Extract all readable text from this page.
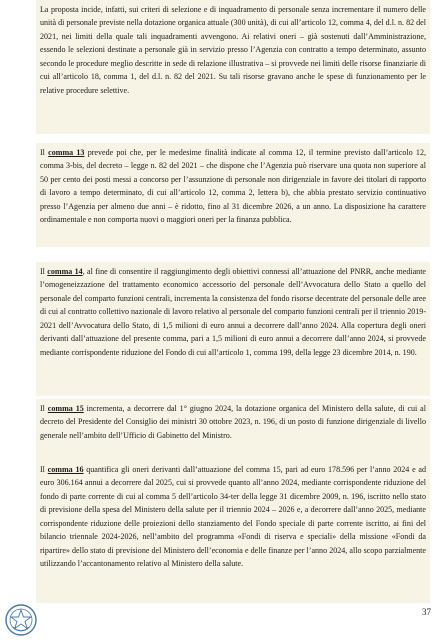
La proposta incide, infatti, sui criteri di selezione e di inquadramento di personale senza incrementare il numero delle unità di personale previste nella dotazione organica attuale (300 unità), di cui all’articolo 12, comma 4, del d.l. n. 82 del 2021, nei limiti della quale tali inquadramenti avvengono. Ai relativi oneri – già sostenuti dall’Amministrazione, essendo le selezioni destinate a personale già in servizio presso l’Agenzia con contratto a tempo determinato, assunto secondo le procedure meglio descritte in sede di relazione illustrativa – si provvede nei limiti delle risorse finanziarie di cui all’articolo 18, comma 1, del d.l. n. 82 del 2021. Su tali risorse gravano anche le spese di funzionamento per le relative procedure selettive.

Il comma 13 prevede poi che, per le medesime finalità indicate al comma 12, il termine previsto dall’articolo 12, comma 3-bis, del decreto – legge n. 82 del 2021 – che dispone che l’Agenzia può riservare una quota non superiore al 50 per cento dei posti messi a concorso per l’assunzione di personale non dirigenziale in favore dei titolari di rapporto di lavoro a tempo determinato, di cui all’articolo 12, comma 2, lettera b), che abbia prestato servizio continuativo presso l’Agenzia per almeno due anni – è ridotto, fino al 31 dicembre 2026, a un anno. La disposizione ha carattere ordinamentale e non comporta nuovi o maggiori oneri per la finanza pubblica.

Il comma 14, al fine di consentire il raggiungimento degli obiettivi connessi all’attuazione del PNRR, anche mediante l’omogeneizzazione del trattamento economico accessorio del personale dell’Avvocatura dello Stato a quello del personale del comparto funzioni centrali, incrementa la consistenza del fondo risorse decentrate del personale delle aree di cui al contratto collettivo nazionale di lavoro relativo al personale del comparto funzioni centrali per il triennio 2019-2021 dell’Avvocatura dello Stato, di 1,5 milioni di euro annui a decorrere dall’anno 2024. Alla copertura degli oneri derivanti dall’attuazione del presente comma, pari a 1,5 milioni di euro annui a decorrere dall’anno 2024, si provvede mediante corrispondente riduzione del Fondo di cui all’articolo 1, comma 199, della legge 23 dicembre 2014, n. 190.

Il comma 15 incrementa, a decorrere dal 1° giugno 2024, la dotazione organica del Ministero della salute, di cui al decreto del Presidente del Consiglio dei ministri 30 ottobre 2023, n. 196, di un posto di funzione dirigenziale di livello generale nell’ambito dell’Ufficio di Gabinetto del Ministro.

Il comma 16 quantifica gli oneri derivanti dall’attuazione del comma 15, pari ad euro 178.596 per l’anno 2024 e ad euro 306.164 annui a decorrere dal 2025, cui si provvede quanto all’anno 2024, mediante corrispondente riduzione del fondo di parte corrente di cui al comma 5 dell’articolo 34-ter della legge 31 dicembre 2009, n. 196, iscritto nello stato di previsione della spesa del Ministero della salute per il triennio 2024 – 2026 e, a decorrere dall’anno 2025, mediante corrispondente riduzione delle proiezioni dello stanziamento del Fondo speciale di parte corrente iscritto, ai fini del bilancio triennale 2024-2026, nell’ambito del programma «Fondi di riserva e speciali» della missione «Fondi da ripartire» dello stato di previsione del Ministero dell’economia e delle finanze per l’anno 2024, allo scopo parzialmente utilizzando l’accantonamento relativo al Ministero della salute.

37
